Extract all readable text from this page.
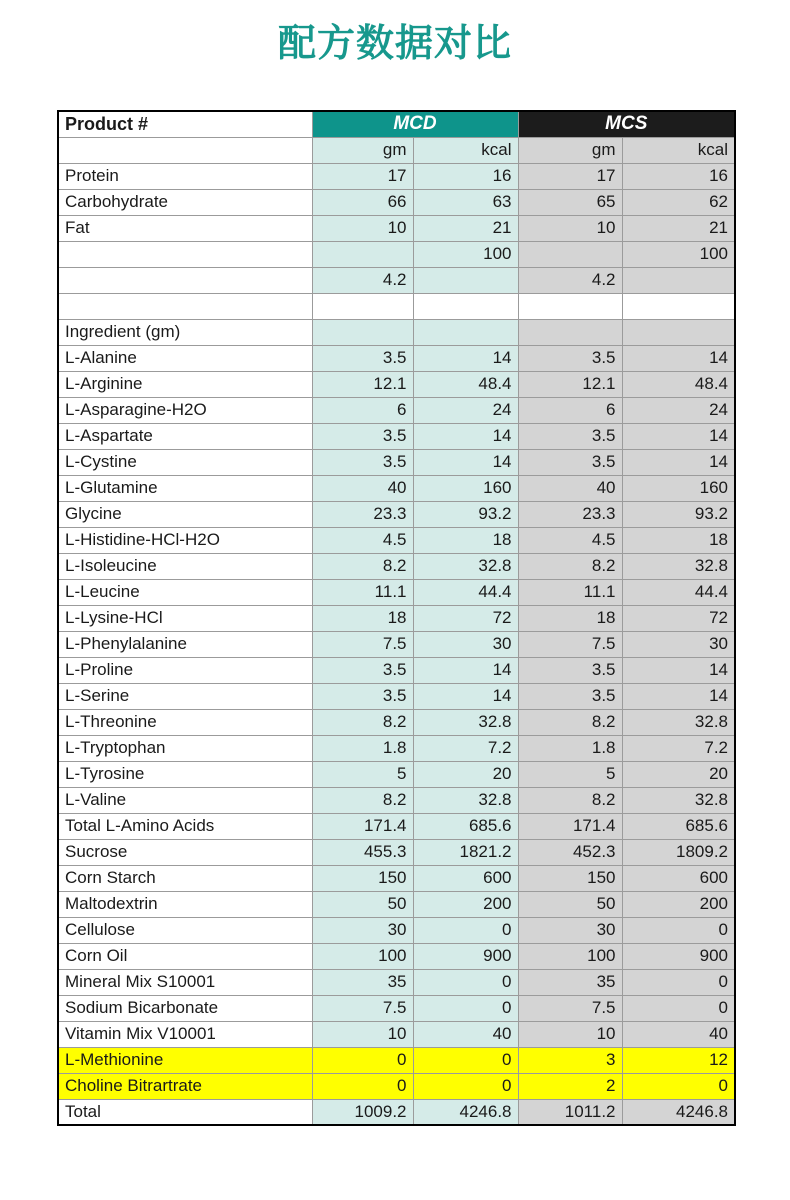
配方数据对比
Product #	MCD		MCS	
	gm	kcal	gm	kcal
Protein	17	16	17	16
Carbohydrate	66	63	65	62
Fat	10	21	10	21
		100		100
	4.2		4.2	

Ingredient (gm)				
L-Alanine	3.5	14	3.5	14
L-Arginine	12.1	48.4	12.1	48.4
L-Asparagine-H2O	6	24	6	24
L-Aspartate	3.5	14	3.5	14
L-Cystine	3.5	14	3.5	14
L-Glutamine	40	160	40	160
Glycine	23.3	93.2	23.3	93.2
L-Histidine-HCl-H2O	4.5	18	4.5	18
L-Isoleucine	8.2	32.8	8.2	32.8
L-Leucine	11.1	44.4	11.1	44.4
L-Lysine-HCl	18	72	18	72
L-Phenylalanine	7.5	30	7.5	30
L-Proline	3.5	14	3.5	14
L-Serine	3.5	14	3.5	14
L-Threonine	8.2	32.8	8.2	32.8
L-Tryptophan	1.8	7.2	1.8	7.2
L-Tyrosine	5	20	5	20
L-Valine	8.2	32.8	8.2	32.8
Total L-Amino Acids	171.4	685.6	171.4	685.6
Sucrose	455.3	1821.2	452.3	1809.2
Corn Starch	150	600	150	600
Maltodextrin	50	200	50	200
Cellulose	30	0	30	0
Corn Oil	100	900	100	900
Mineral Mix S10001	35	0	35	0
Sodium Bicarbonate	7.5	0	7.5	0
Vitamin Mix V10001	10	40	10	40
L-Methionine	0	0	3	12
Choline Bitrartrate	0	0	2	0
Total	1009.2	4246.8	1011.2	4246.8
